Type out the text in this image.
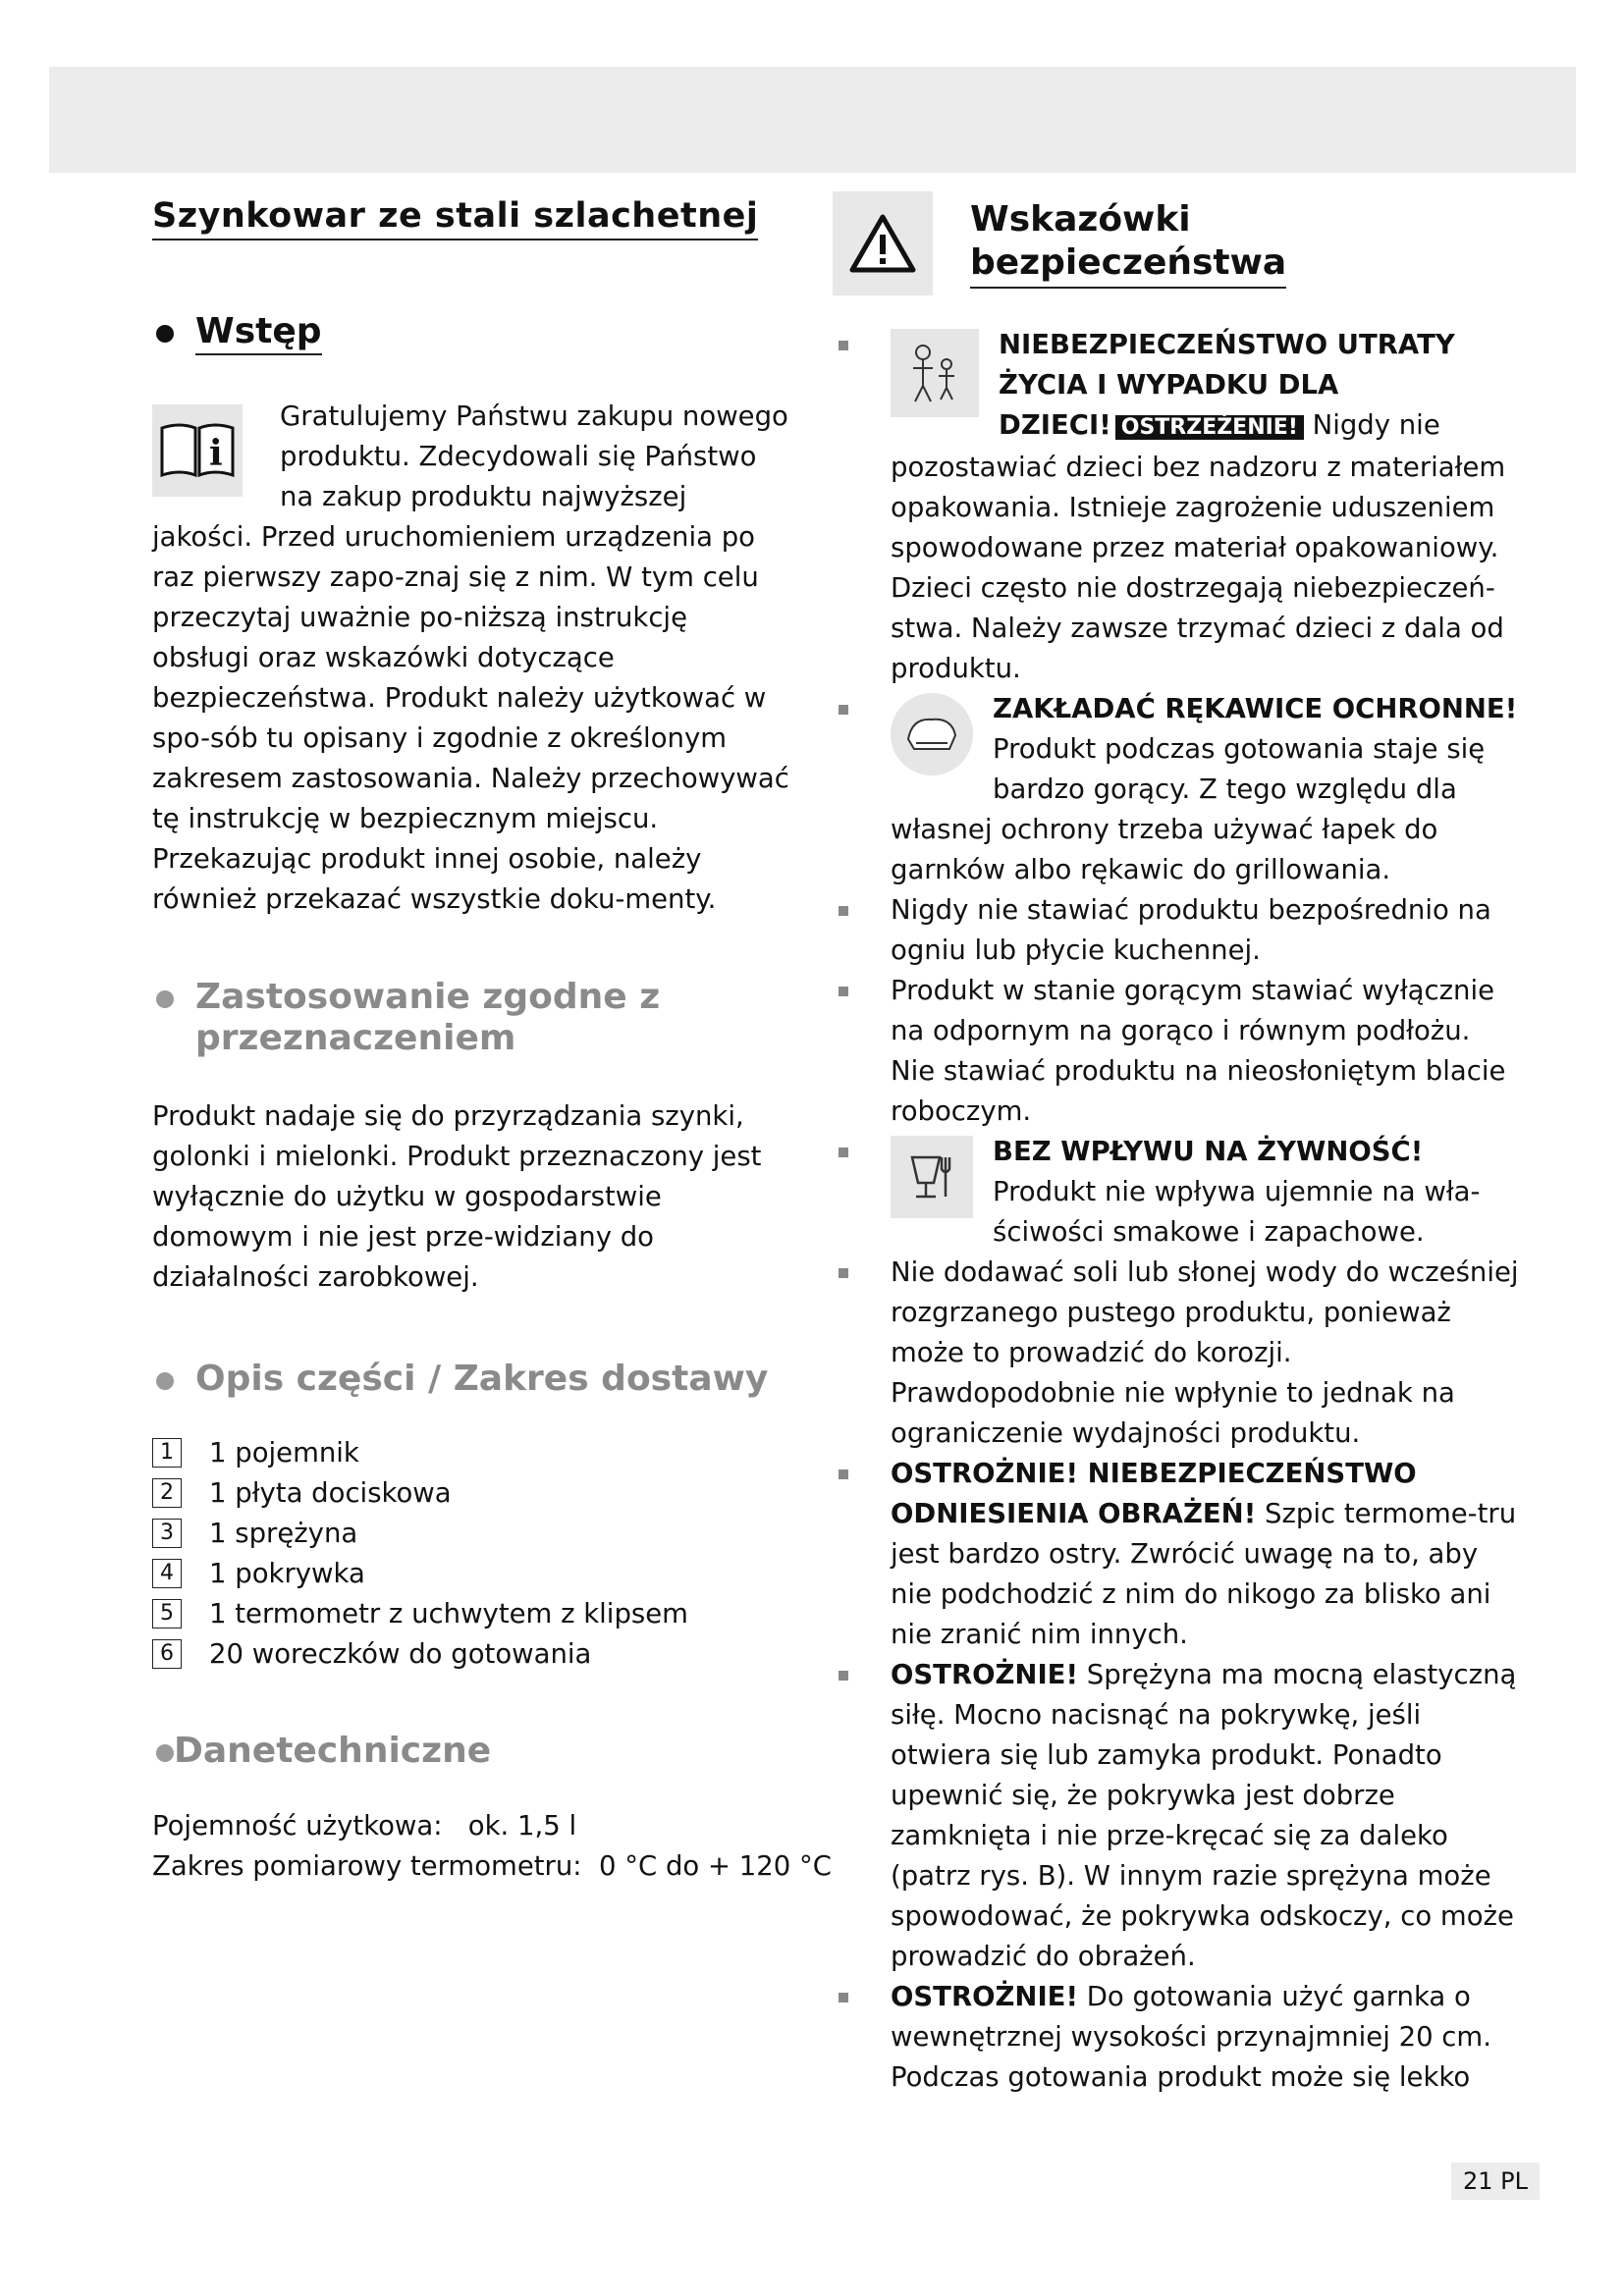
Szynkowar ze stali szlachetnej
Wstęp
i

Gratulujemy Państwu zakupu nowego produktu. Zdecydowali się Państwo na zakup produktu najwyższej jakości. Przed uruchomieniem urządzenia po raz pierwszy zapo-znaj się z nim. W tym celu przeczytaj uważnie po-niższą instrukcję obsługi oraz wskazówki dotyczące bezpieczeństwa. Produkt należy użytkować w spo-sób tu opisany i zgodnie z określonym zakresem zastosowania. Należy przechowywać tę instrukcję w bezpiecznym miejscu. Przekazując produkt innej osobie, należy również przekazać wszystkie doku-menty.

Zastosowanie zgodne z przeznaczeniem

Produkt nadaje się do przyrządzania szynki, golonki i mielonki. Produkt przeznaczony jest wyłącznie do użytku w gospodarstwie domowym i nie jest prze-widziany do działalności zarobkowej.

Opis części / Zakres dostawy
1 1 pojemnik
2 1 płyta dociskowa
3 1 sprężyna
4 1 pokrywka
5 1 termometr z uchwytem z klipsem
6 20 woreczków do gotowania
Danetechniczne

Pojemność użytkowa:   ok. 1,5 l

Zakres pomiarowy termometru:  0 °C do + 120 °C

Wskazówki
bezpieczeństwa
NIEBEZPIECZEŃSTWO UTRATY ŻYCIA I WYPADKU DLA DZIECI! OSTRZEŻENIE! Nigdy nie pozostawiać dzieci bez nadzoru z materiałem opakowania. Istnieje zagrożenie uduszeniem spowodowane przez materiał opakowaniowy. Dzieci często nie dostrzegają niebezpieczeń-stwa. Należy zawsze trzymać dzieci z dala od produktu.
ZAKŁADAĆ RĘKAWICE OCHRONNE! Produkt podczas gotowania staje się bardzo gorący. Z tego względu dla własnej ochrony trzeba używać łapek do garnków albo rękawic do grillowania.
Nigdy nie stawiać produktu bezpośrednio na ogniu lub płycie kuchennej.
Produkt w stanie gorącym stawiać wyłącznie na odpornym na gorąco i równym podłożu. Nie stawiać produktu na nieosłoniętym blacie roboczym.
BEZ WPŁYWU NA ŻYWNOŚĆ! Produkt nie wpływa ujemnie na wła-ściwości smakowe i zapachowe.
Nie dodawać soli lub słonej wody do wcześniej rozgrzanego pustego produktu, ponieważ może to prowadzić do korozji. Prawdopodobnie nie wpłynie to jednak na ograniczenie wydajności produktu.
OSTROŻNIE! NIEBEZPIECZEŃSTWO ODNIESIENIA OBRAŻEŃ! Szpic termome-tru jest bardzo ostry. Zwrócić uwagę na to, aby nie podchodzić z nim do nikogo za blisko ani nie zranić nim innych.
OSTROŻNIE! Sprężyna ma mocną elastyczną siłę. Mocno nacisnąć na pokrywkę, jeśli otwiera się lub zamyka produkt. Ponadto upewnić się, że pokrywka jest dobrze zamknięta i nie prze-kręcać się za daleko (patrz rys. B). W innym razie sprężyna może spowodować, że pokrywka odskoczy, co może prowadzić do obrażeń.
OSTROŻNIE! Do gotowania użyć garnka o wewnętrznej wysokości przynajmniej 20 cm. Podczas gotowania produkt może się lekko
21 PL
